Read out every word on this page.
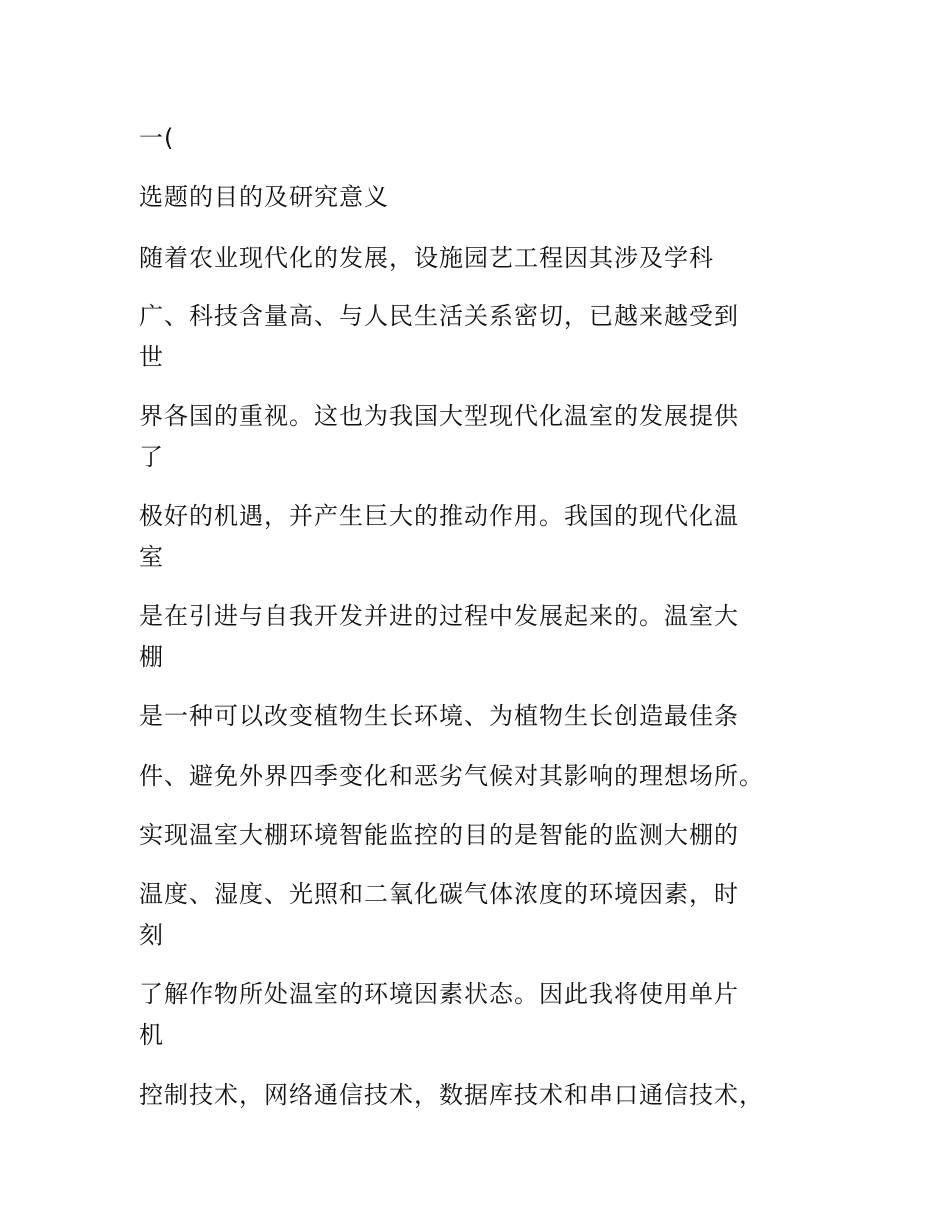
一(
选题的目的及研究意义
随着农业现代化的发展，设施园艺工程因其涉及学科
广、科技含量高、与人民生活关系密切，已越来越受到
世
界各国的重视。这也为我国大型现代化温室的发展提供
了
极好的机遇，并产生巨大的推动作用。我国的现代化温
室
是在引进与自我开发并进的过程中发展起来的。温室大
棚
是一种可以改变植物生长环境、为植物生长创造最佳条
件、避免外界四季变化和恶劣气候对其影响的理想场所。
实现温室大棚环境智能监控的目的是智能的监测大棚的
温度、湿度、光照和二氧化碳气体浓度的环境因素，时
刻
了解作物所处温室的环境因素状态。因此我将使用单片
机
控制技术，网络通信技术，数据库技术和串口通信技术，
